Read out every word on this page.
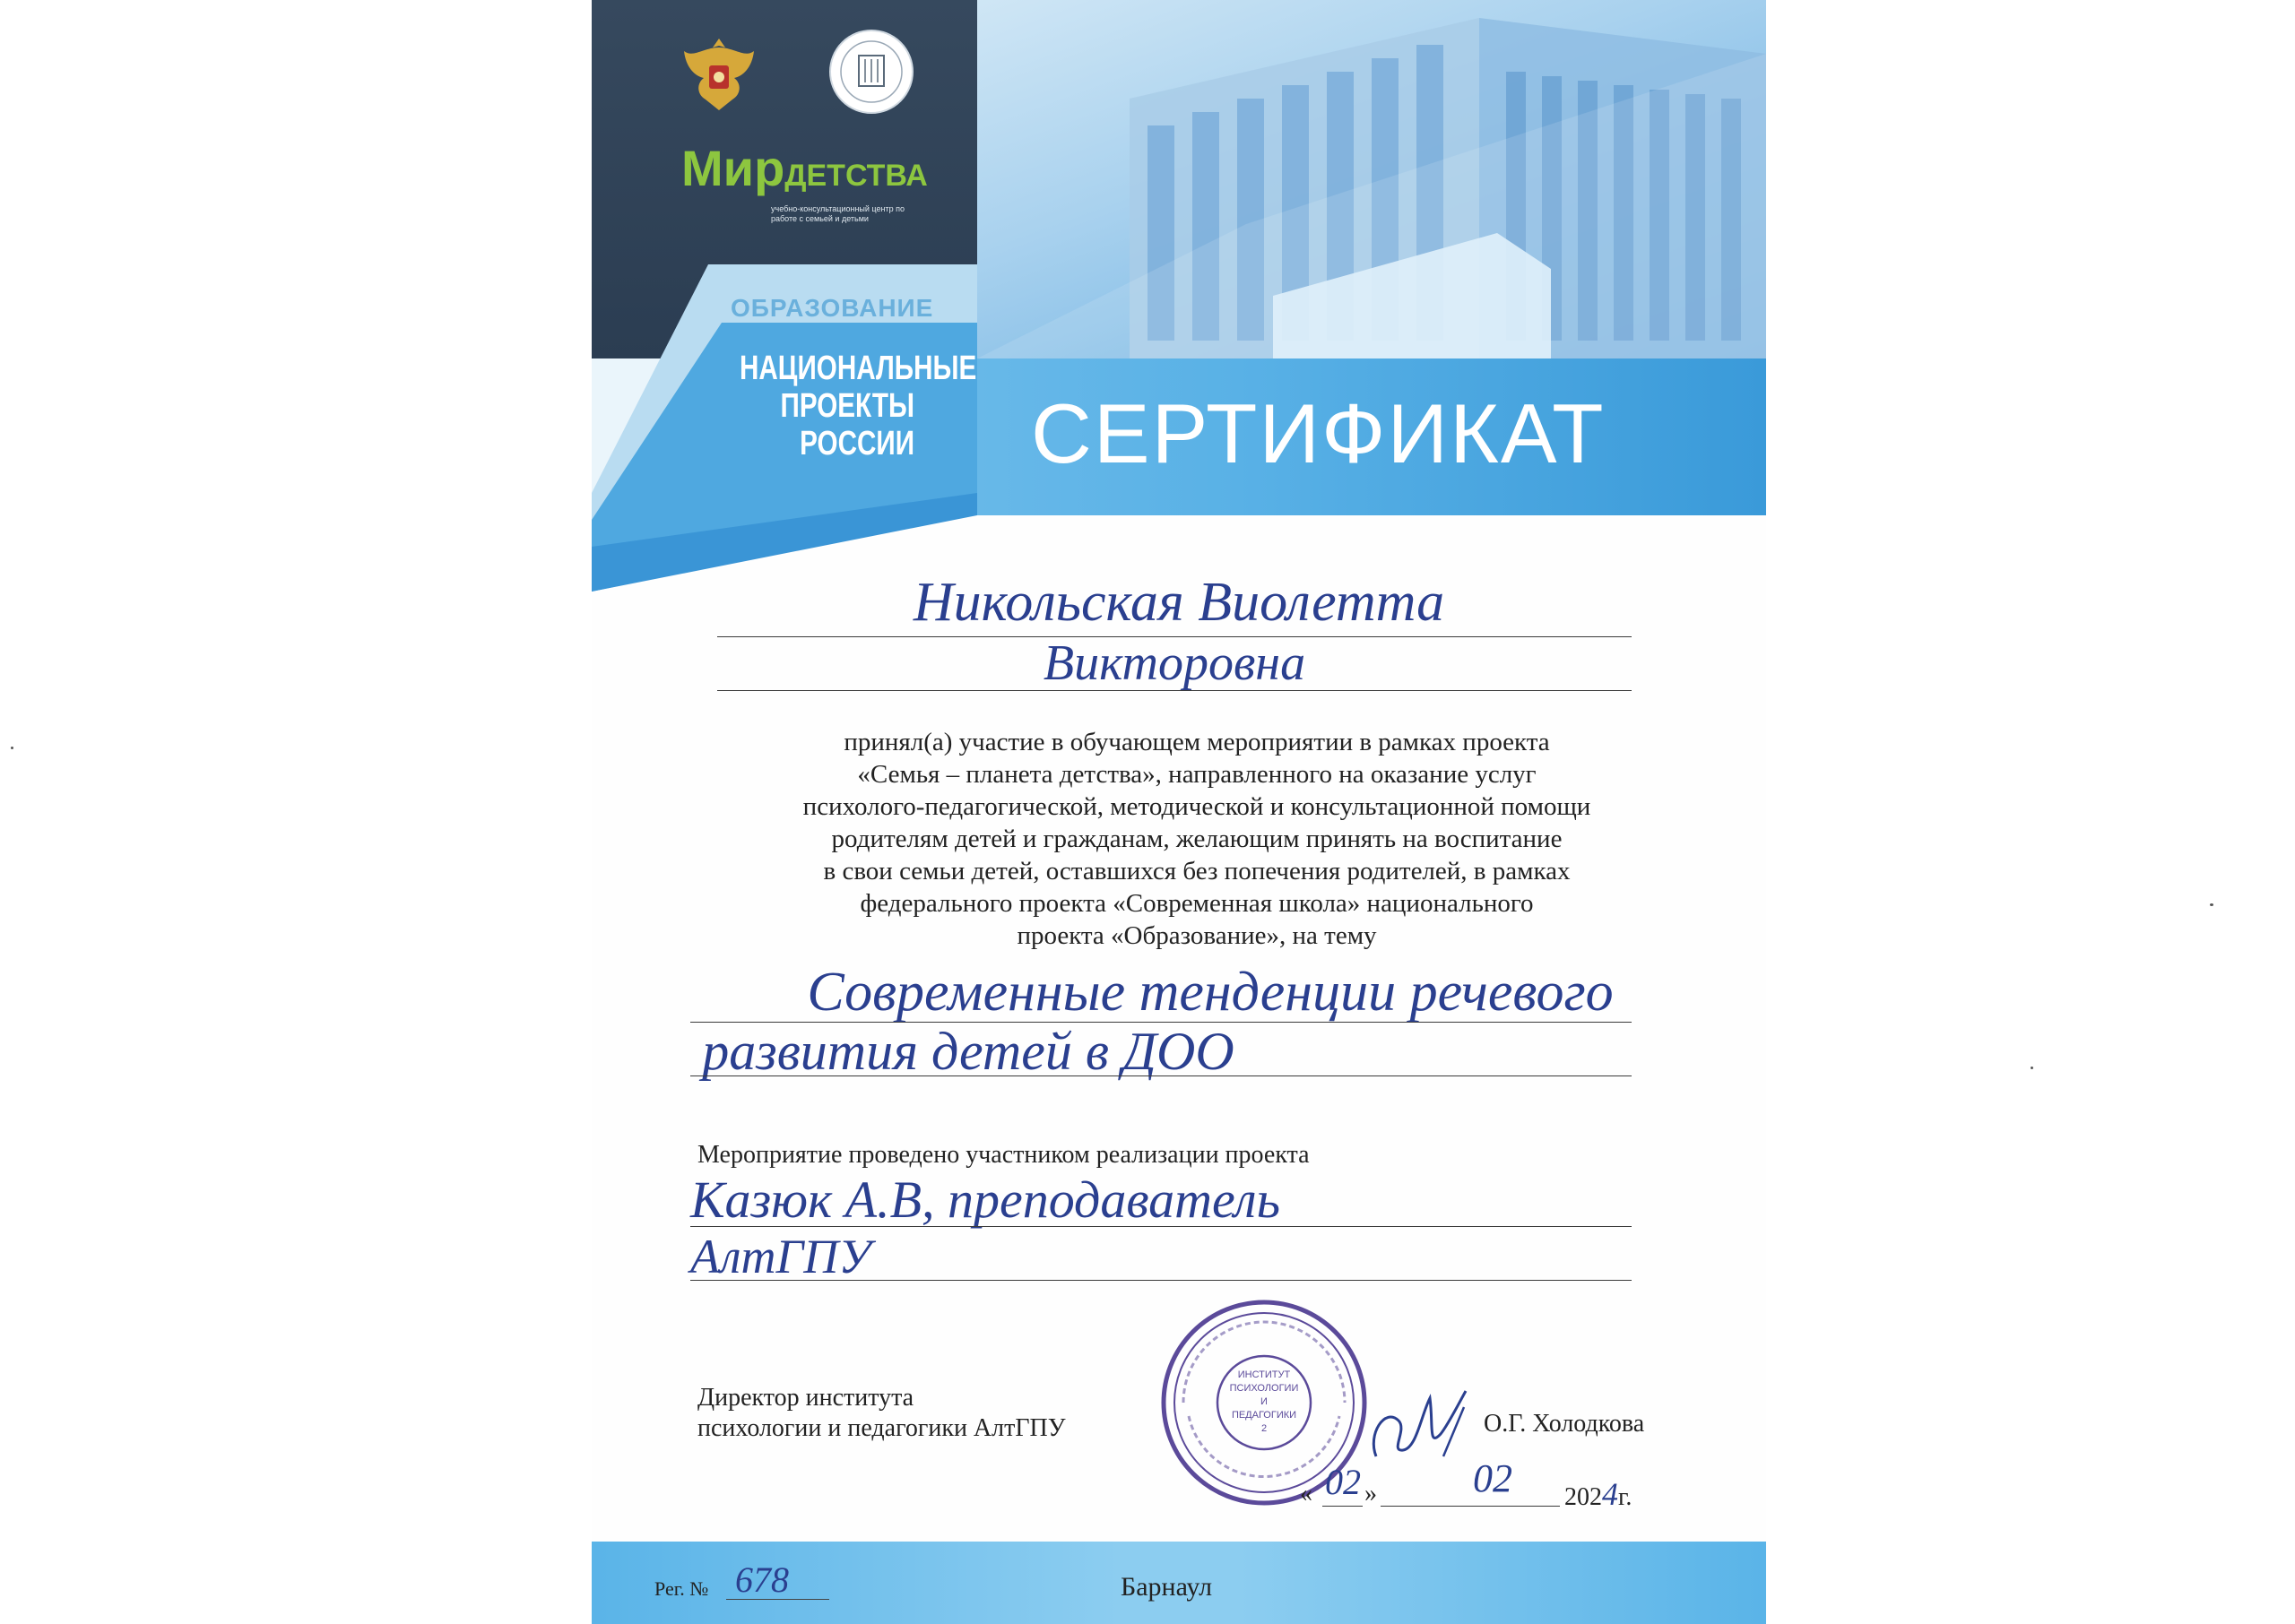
МирДЕТСТВА
учебно-консультационный центр по работе с семьей и детьми
ОБРАЗОВАНИЕ
НАЦИОНАЛЬНЫЕ
ПРОЕКТЫ
РОССИИ СЕРТИФИКАТ
Никольская Виолетта
Викторовна
принял(а) участие в обучающем мероприятии в рамках проекта
«Семья – планета детства», направленного на оказание услуг
психолого-педагогической, методической и консультационной помощи
родителям детей и гражданам, желающим принять на воспитание
в свои семьи детей, оставшихся без попечения родителей, в рамках
федерального проекта «Современная школа» национального
проекта «Образование», на тему
Современные тенденции речевого
развития детей в ДОО
Мероприятие проведено участником реализации проекта
Казюк А.В, преподаватель
АлтГПУ
Директор института
психологии и педагогики АлтГПУ	О.Г. Холодкова
ИНСТИТУТ
ПСИХОЛОГИИ
И
ПЕДАГОГИКИ
2
« 02 » 02 2024г.
Рег. № 678	Барнаул
